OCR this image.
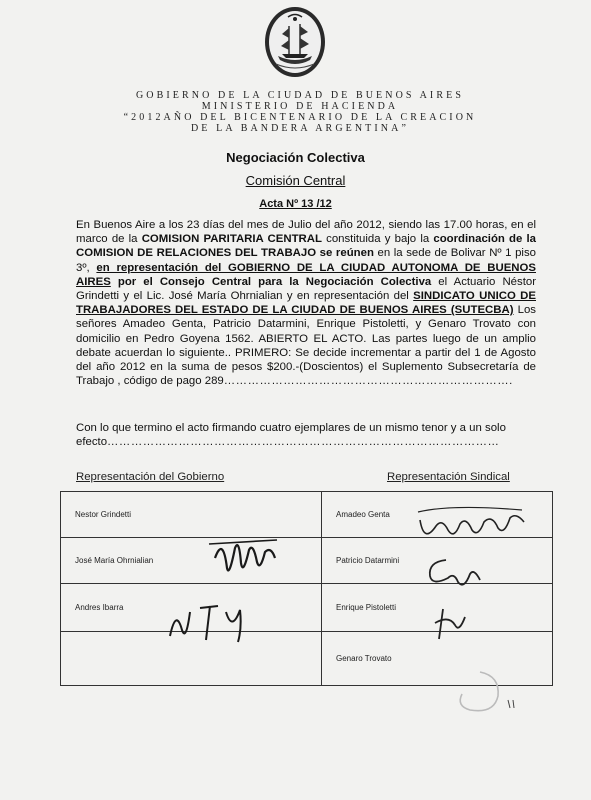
GOBIERNO DE LA CIUDAD DE BUENOS AIRES
MINISTERIO DE HACIENDA
“2012AÑO DEL BICENTENARIO DE LA CREACION
DE LA BANDERA ARGENTINA”
Negociación Colectiva
Comisión Central
Acta Nº 13 /12
En Buenos Aire a los 23 días del mes de Julio del año 2012, siendo las 17.00 horas, en el marco de la COMISION PARITARIA CENTRAL constituida y bajo la coordinación de la COMISION DE RELACIONES DEL TRABAJO se reúnen en la sede de Bolivar Nº 1 piso 3º, en representación del GOBIERNO DE LA CIUDAD AUTONOMA DE BUENOS AIRES por el Consejo Central para la Negociación Colectiva el Actuario Néstor Grindetti y el Lic. José María Ohrnialian y en representación del SINDICATO UNICO DE TRABAJADORES DEL ESTADO DE LA CIUDAD DE BUENOS AIRES (SUTECBA) Los señores Amadeo Genta, Patricio Datarmini, Enrique Pistoletti, y Genaro Trovato con domicilio en Pedro Goyena 1562. ABIERTO EL ACTO. Las partes luego de un amplio debate acuerdan lo siguiente.. PRIMERO: Se decide incrementar a partir del 1 de Agosto del año 2012 en la suma de pesos $200.-(Doscientos) el Suplemento Subsecretaría de Trabajo , código de pago 289……………………………………………………………….
Con lo que termino el acto firmando cuatro ejemplares de un mismo tenor y a un solo efecto………………………………………………………………………………………
Representación del Gobierno	Representación Sindical
Nestor Grindetti	Amadeo Genta
José María Ohrnialian	Patricio Datarmini
Andres Ibarra	Enrique Pistoletti
	Genaro Trovato
